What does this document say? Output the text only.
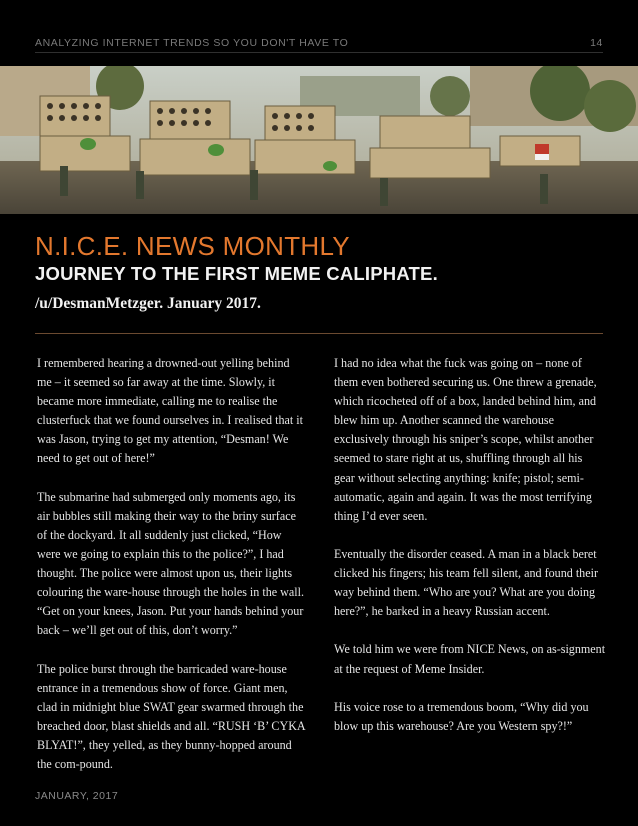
ANALYZING INTERNET TRENDS SO YOU DON'T HAVE TO	14
N.I.C.E. NEWS MONTHLY
JOURNEY TO THE FIRST MEME CALIPHATE.

/u/DesmanMetzger. January 2017.

I remembered hearing a drowned-out yelling behind me – it seemed so far away at the time. Slowly, it became more immediate, calling me to realise the clusterfuck that we found ourselves in. I realised that it was Jason, trying to get my attention, “Desman! We need to get out of here!”

The submarine had submerged only moments ago, its air bubbles still making their way to the briny surface of the dockyard. It all suddenly just clicked, “How were we going to explain this to the police?”, I had thought. The police were almost upon us, their lights colouring the ware-house through the holes in the wall. “Get on your knees, Jason. Put your hands behind your back – we’ll get out of this, don’t worry.”

The police burst through the barricaded ware-house entrance in a tremendous show of force. Giant men, clad in midnight blue SWAT gear swarmed through the breached door, blast shields and all. “RUSH ‘B’ CYKA BLYAT!”, they yelled, as they bunny-hopped around the com-pound.

I had no idea what the fuck was going on – none of them even bothered securing us. One threw a grenade, which ricocheted off of a box, landed behind him, and blew him up. Another scanned the warehouse exclusively through his sniper’s scope, whilst another seemed to stare right at us, shuffling through all his gear without selecting anything: knife; pistol; semi-automatic, again and again. It was the most terrifying thing I’d ever seen.

Eventually the disorder ceased. A man in a black beret clicked his fingers; his team fell silent, and found their way behind them. “Who are you? What are you doing here?”, he barked in a heavy Russian accent.

We told him we were from NICE News, on as-signment at the request of Meme Insider.

His voice rose to a tremendous boom, “Why did you blow up this warehouse? Are you Western spy?!”

JANUARY, 2017
